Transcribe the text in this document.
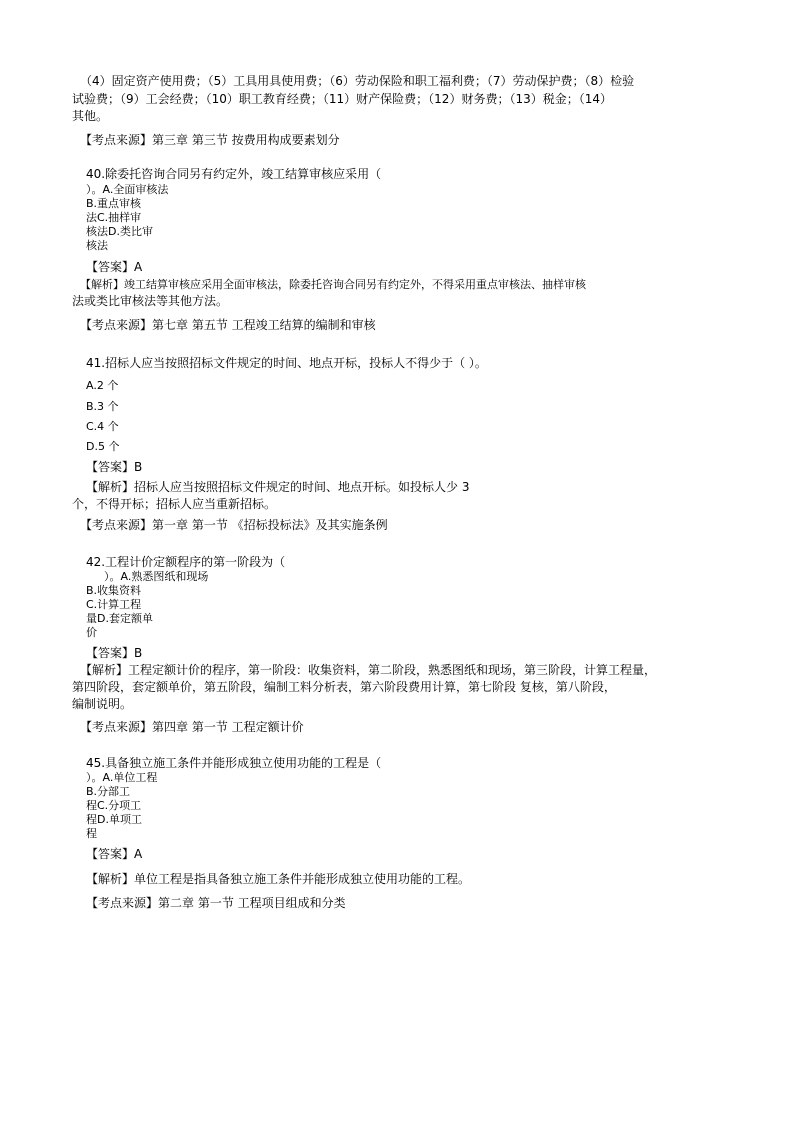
（4）固定资产使用费；（5）工具用具使用费；（6）劳动保险和职工福利费；（7）劳动保护费；（8）检验
试验费；（9）工会经费；（10）职工教育经费；（11）财产保险费；（12）财务费；（13）税金；（14）
其他。
【考点来源】第三章 第三节 按费用构成要素划分
40.除委托咨询合同另有约定外，竣工结算审核应采用（
）。A.全面审核法
B.重点审核
法C.抽样审
核法D.类比审
核法
【答案】A
【解析】竣工结算审核应采用全面审核法，除委托咨询合同另有约定外，不得采用重点审核法、抽样审核
法或类比审核法等其他方法。
【考点来源】第七章 第五节 工程竣工结算的编制和审核
41.招标人应当按照招标文件规定的时间、地点开标，投标人不得少于（ ）。
A.2 个
B.3 个
C.4 个
D.5 个
【答案】B
【解析】招标人应当按照招标文件规定的时间、地点开标。如投标人少 3
个，不得开标；招标人应当重新招标。
【考点来源】第一章 第一节 《招标投标法》及其实施条例
42.工程计价定额程序的第一阶段为（
）。A.熟悉图纸和现场
B.收集资料
C.计算工程
量D.套定额单
价
【答案】B
【解析】工程定额计价的程序，第一阶段：收集资料，第二阶段，熟悉图纸和现场，第三阶段，计算工程量，
第四阶段，套定额单价，第五阶段，编制工料分析表，第六阶段费用计算，第七阶段 复核，第八阶段，
编制说明。
【考点来源】第四章 第一节 工程定额计价
45.具备独立施工条件并能形成独立使用功能的工程是（
）。A.单位工程
B.分部工
程C.分项工
程D.单项工
程
【答案】A
【解析】单位工程是指具备独立施工条件并能形成独立使用功能的工程。
【考点来源】第二章 第一节 工程项目组成和分类
